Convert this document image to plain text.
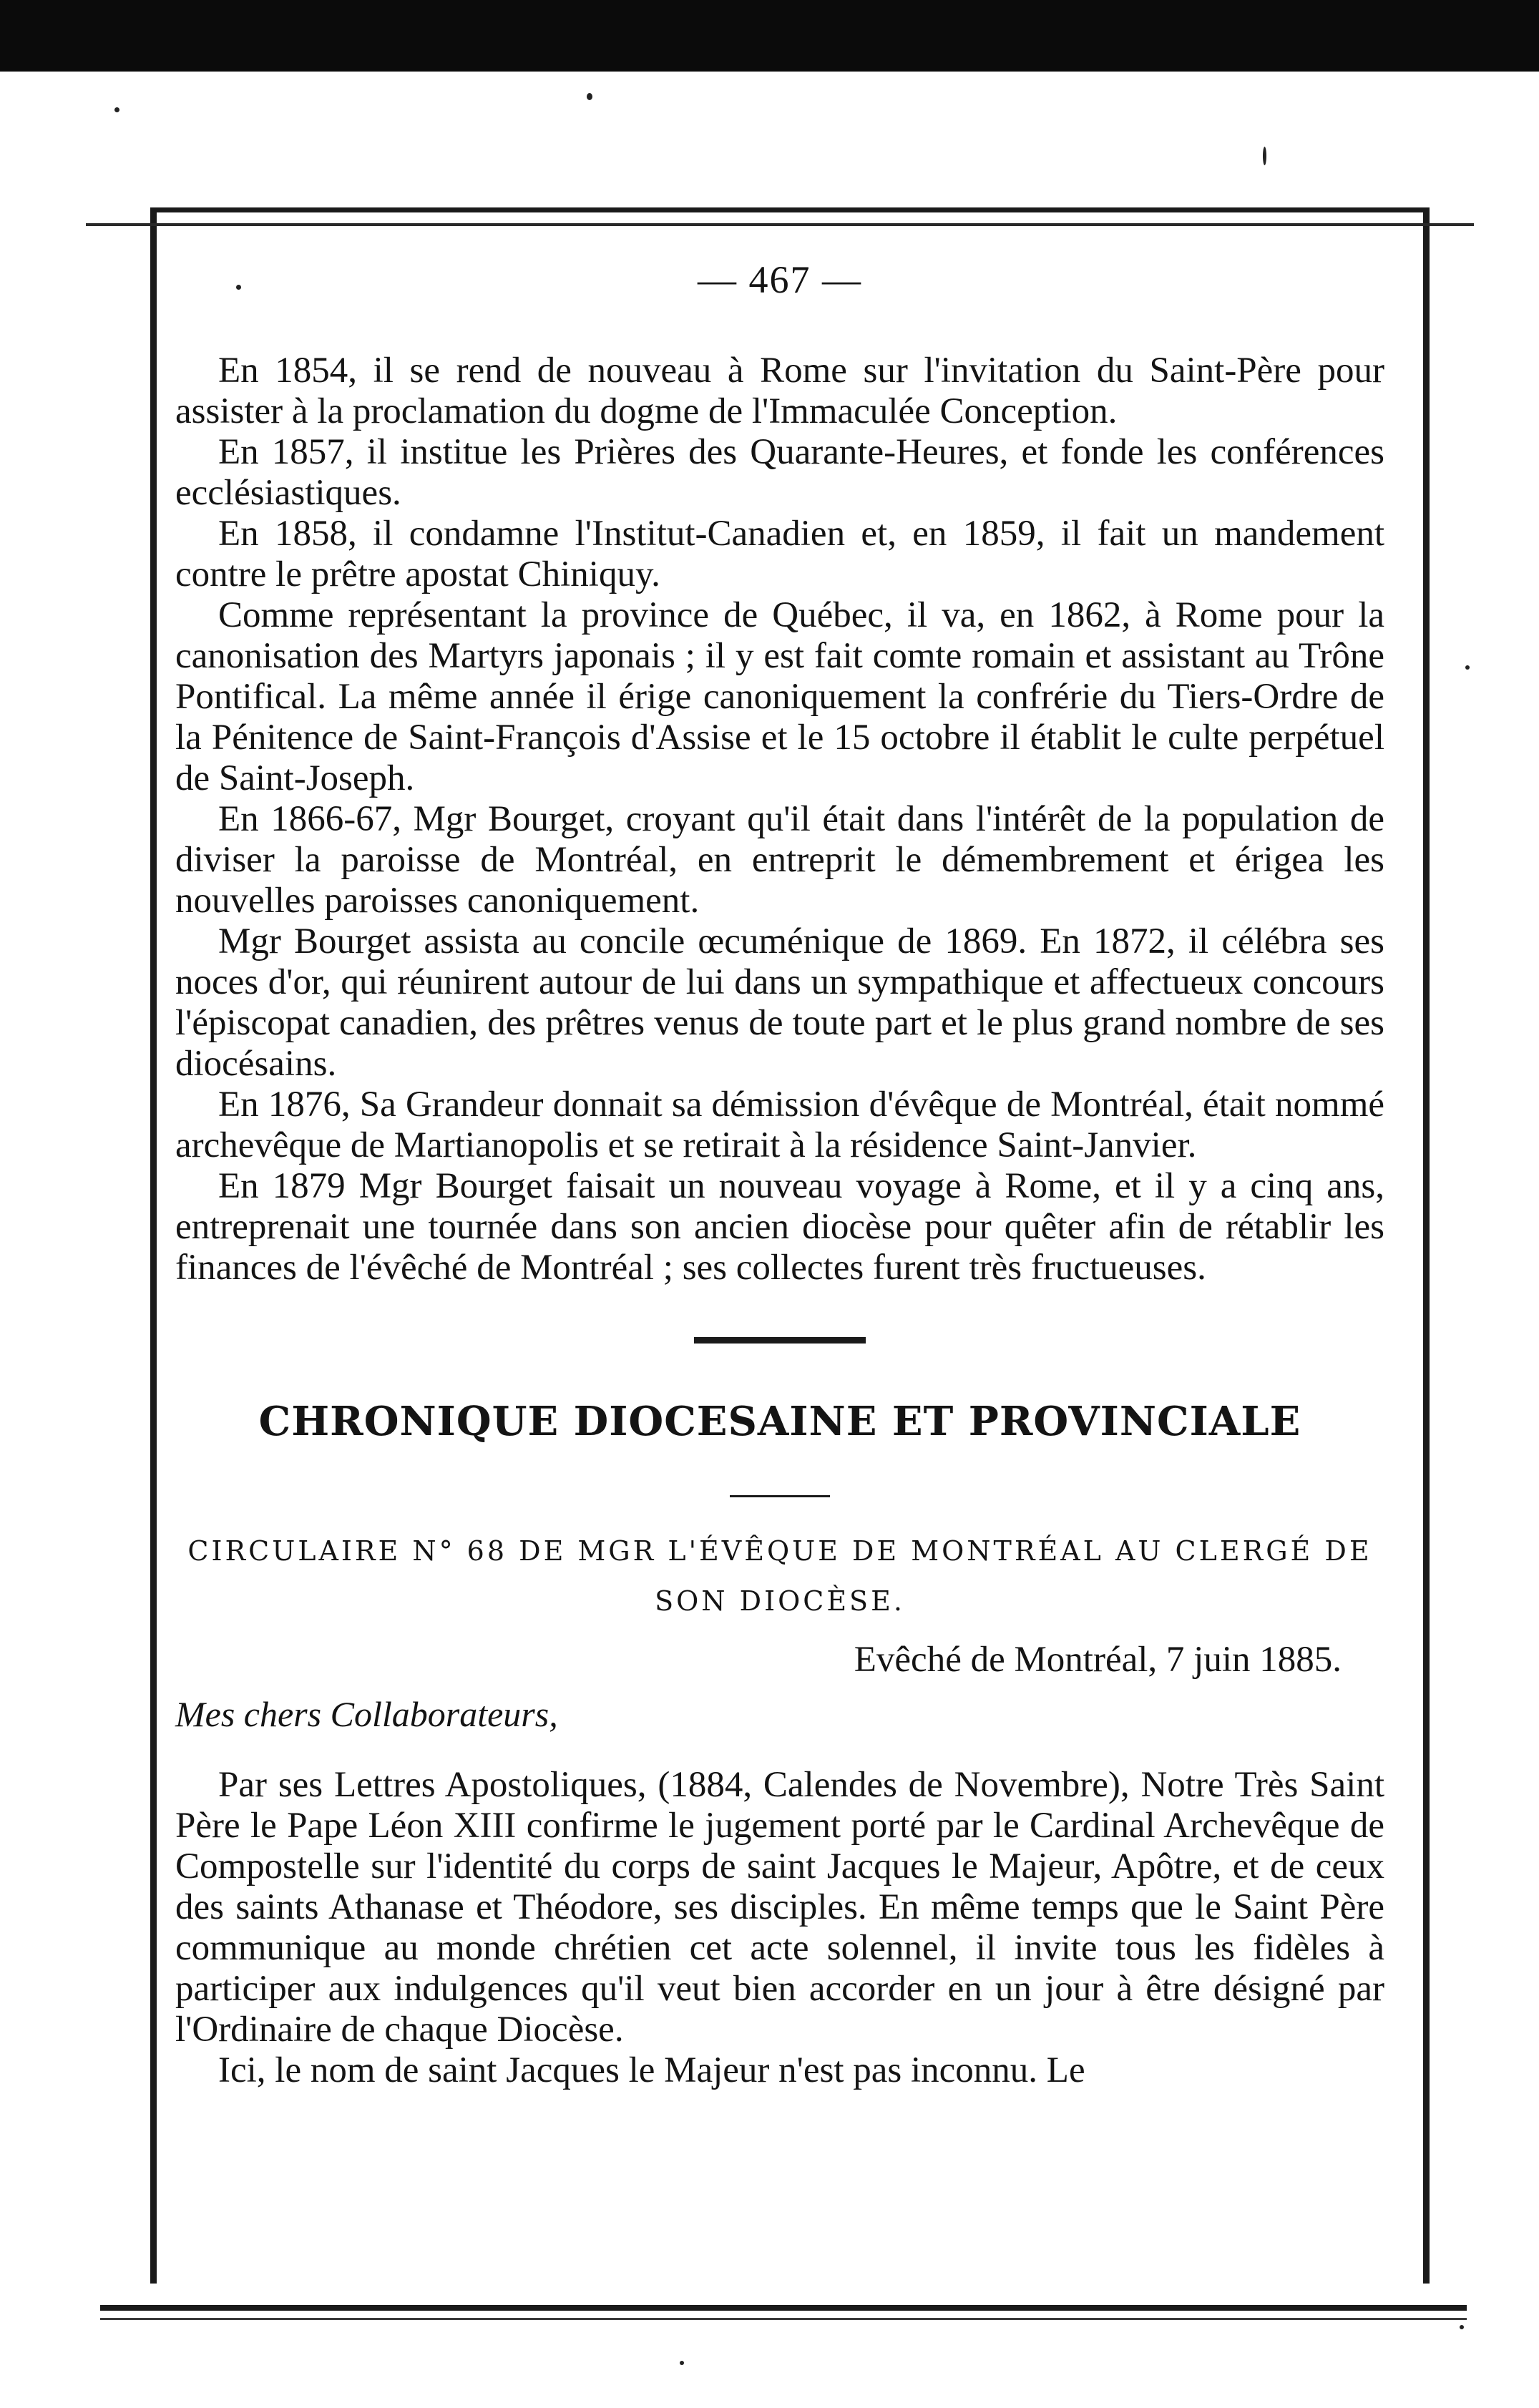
— 467 —

En 1854, il se rend de nouveau à Rome sur l'invitation du Saint-Père pour assister à la proclamation du dogme de l'Immaculée Conception.

En 1857, il institue les Prières des Quarante-Heures, et fonde les conférences ecclésiastiques.

En 1858, il condamne l'Institut-Canadien et, en 1859, il fait un mandement contre le prêtre apostat Chiniquy.

Comme représentant la province de Québec, il va, en 1862, à Rome pour la canonisation des Martyrs japonais ; il y est fait comte romain et assistant au Trône Pontifical. La même année il érige canoniquement la confrérie du Tiers-Ordre de la Pénitence de Saint-François d'Assise et le 15 octobre il établit le culte perpétuel de Saint-Joseph.

En 1866-67, Mgr Bourget, croyant qu'il était dans l'intérêt de la population de diviser la paroisse de Montréal, en entreprit le démembrement et érigea les nouvelles paroisses canoniquement.

Mgr Bourget assista au concile œcuménique de 1869. En 1872, il célébra ses noces d'or, qui réunirent autour de lui dans un sympathique et affectueux concours l'épiscopat canadien, des prêtres venus de toute part et le plus grand nombre de ses diocésains.

En 1876, Sa Grandeur donnait sa démission d'évêque de Montréal, était nommé archevêque de Martianopolis et se retirait à la résidence Saint-Janvier.

En 1879 Mgr Bourget faisait un nouveau voyage à Rome, et il y a cinq ans, entreprenait une tournée dans son ancien diocèse pour quêter afin de rétablir les finances de l'évêché de Montréal ; ses collectes furent très fructueuses.

CHRONIQUE DIOCESAINE ET PROVINCIALE

CIRCULAIRE N° 68 DE MGR L'ÉVÊQUE DE MONTRÉAL AU CLERGÉ DE
SON DIOCÈSE.

Evêché de Montréal, 7 juin 1885.
Mes chers Collaborateurs,

Par ses Lettres Apostoliques, (1884, Calendes de Novembre), Notre Très Saint Père le Pape Léon XIII confirme le jugement porté par le Cardinal Archevêque de Compostelle sur l'identité du corps de saint Jacques le Majeur, Apôtre, et de ceux des saints Athanase et Théodore, ses disciples. En même temps que le Saint Père communique au monde chrétien cet acte solennel, il invite tous les fidèles à participer aux indulgences qu'il veut bien accorder en un jour à être désigné par l'Ordinaire de chaque Diocèse.

Ici, le nom de saint Jacques le Majeur n'est pas inconnu. Le
